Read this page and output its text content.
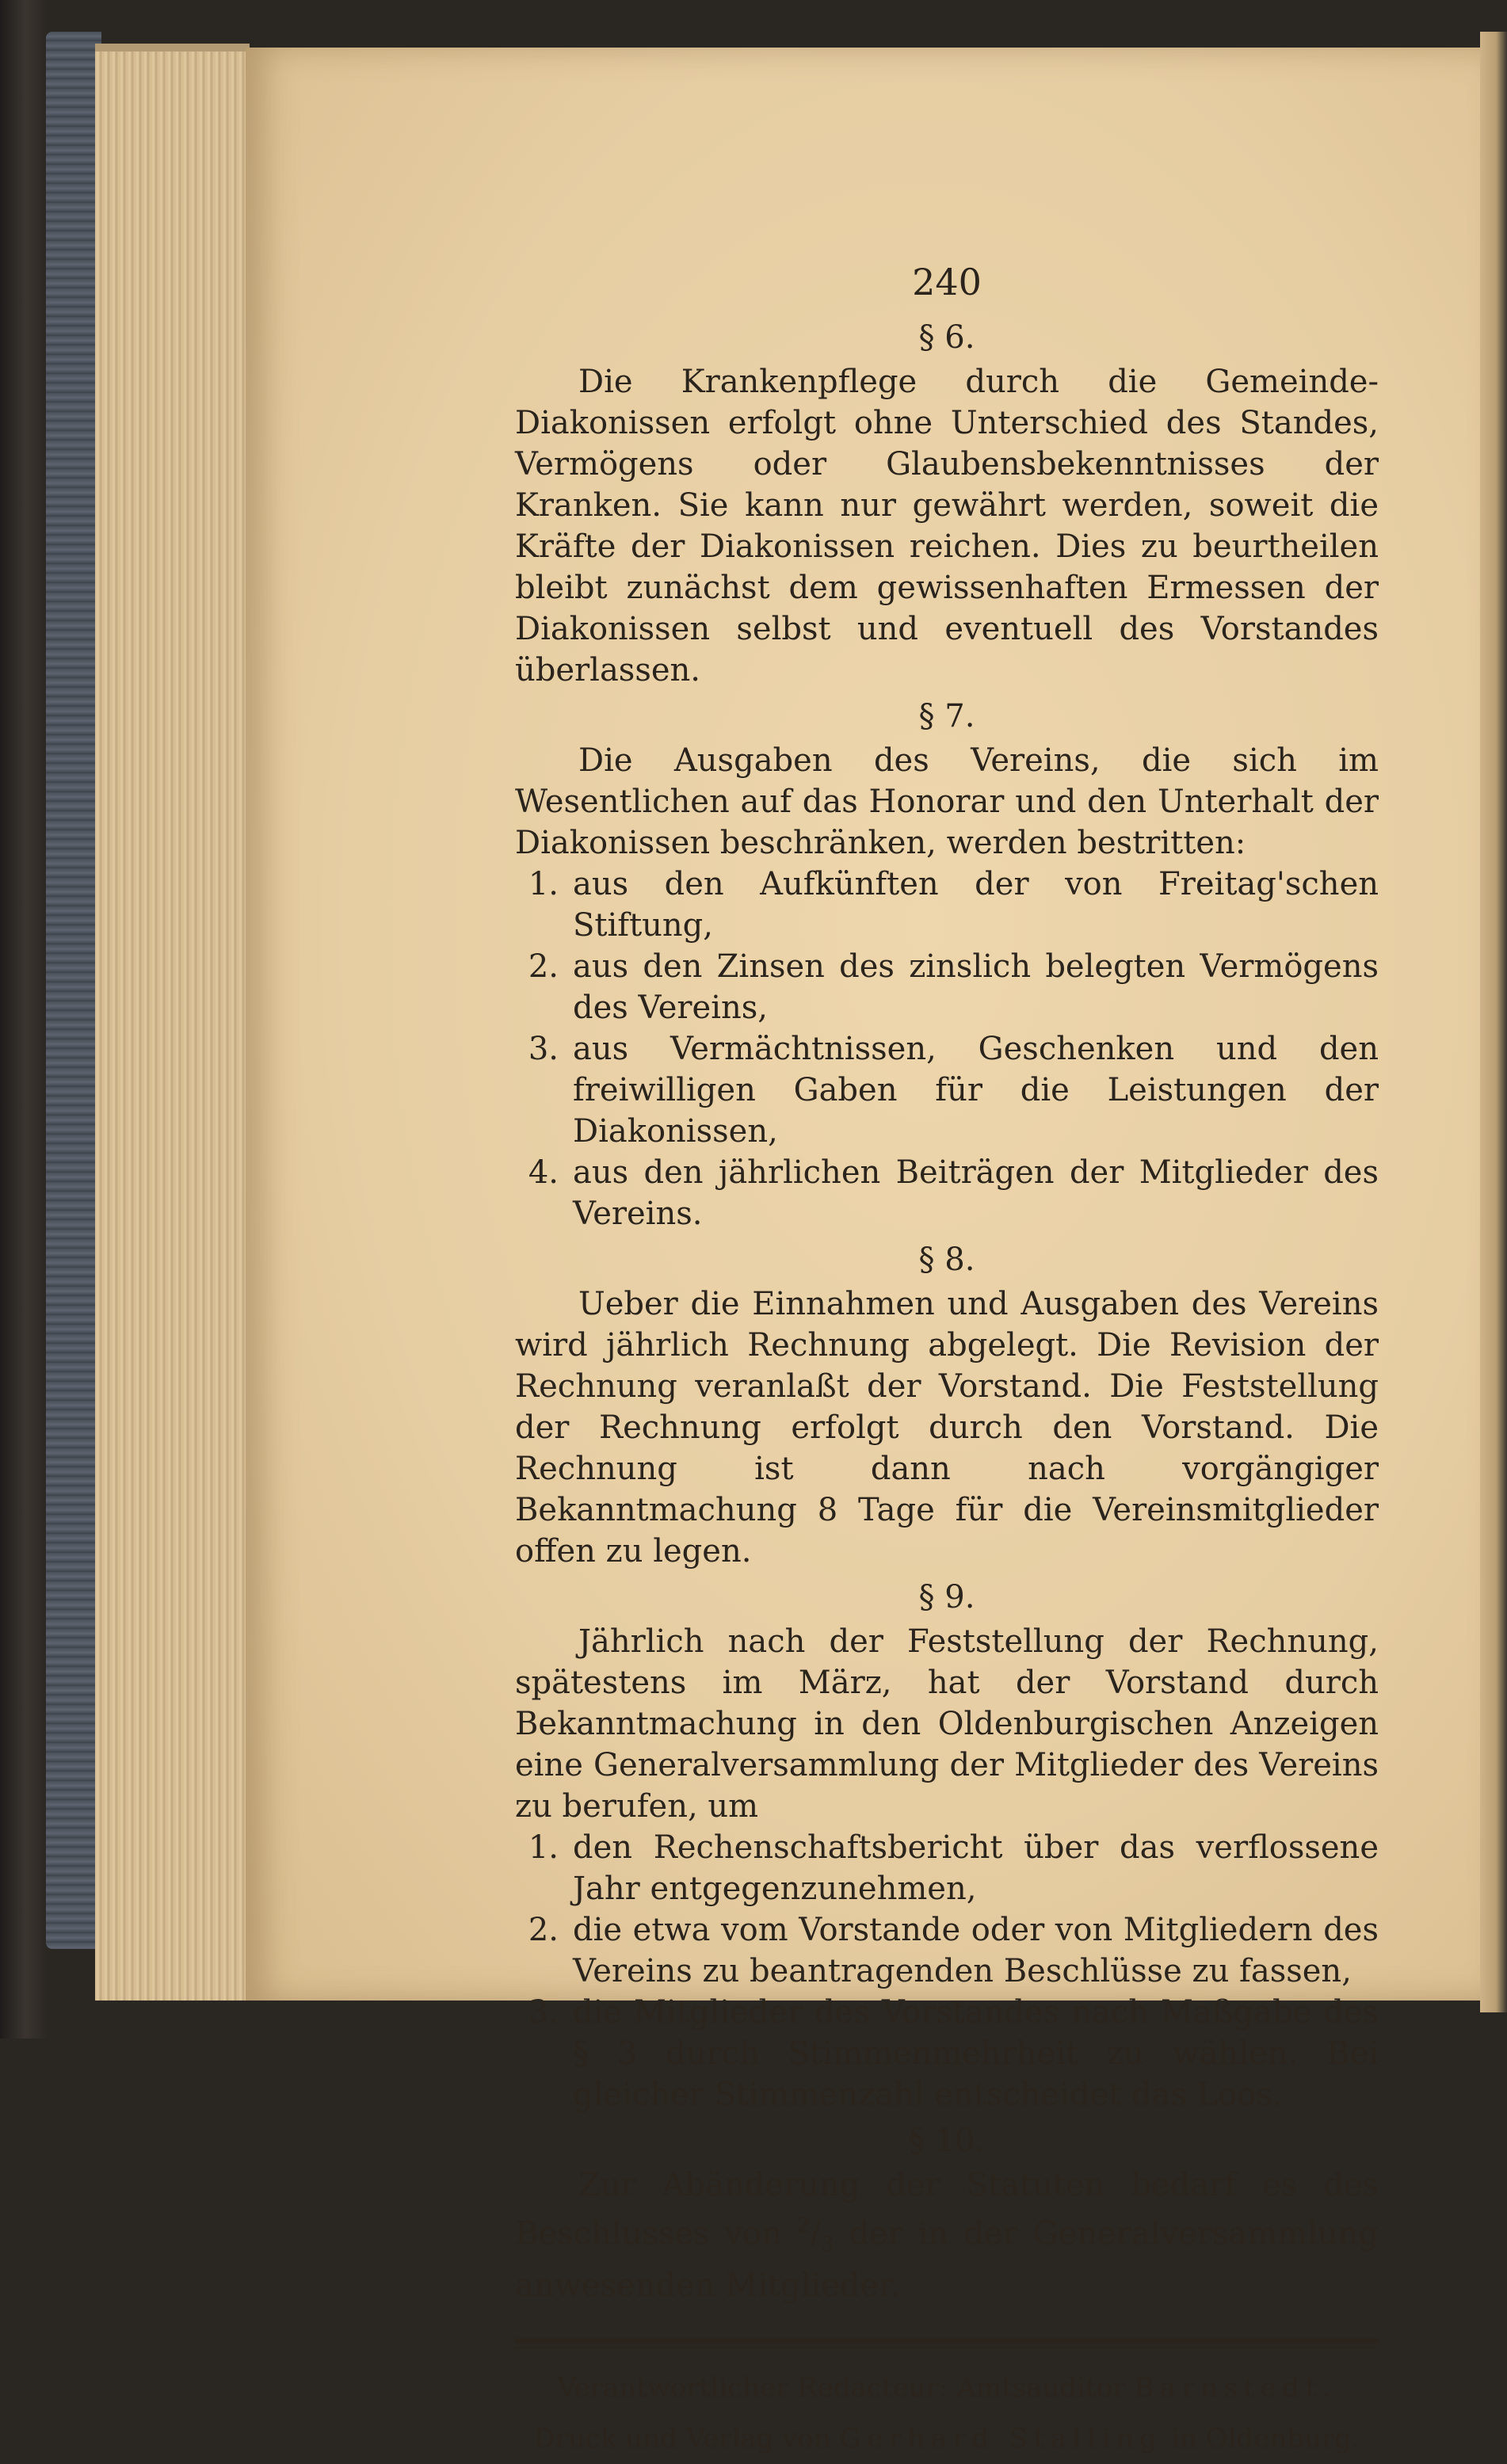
240
§ 6.

Die Krankenpflege durch die Gemeinde-Diakonissen erfolgt ohne Unterschied des Standes, Vermögens oder Glaubensbekenntnisses der Kranken. Sie kann nur gewährt werden, soweit die Kräfte der Diakonissen reichen. Dies zu beurtheilen bleibt zunächst dem gewissenhaften Ermessen der Diakonissen selbst und eventuell des Vorstandes überlassen.

§ 7.

Die Ausgaben des Vereins, die sich im Wesentlichen auf das Honorar und den Unterhalt der Diakonissen beschränken, werden bestritten:

1. aus den Aufkünften der von Freitag'schen Stiftung,
2. aus den Zinsen des zinslich belegten Vermögens des Vereins,
3. aus Vermächtnissen, Geschenken und den freiwilligen Gaben für die Leistungen der Diakonissen,
4. aus den jährlichen Beiträgen der Mitglieder des Vereins.
§ 8.

Ueber die Einnahmen und Ausgaben des Vereins wird jährlich Rechnung abgelegt. Die Revision der Rechnung veranlaßt der Vorstand. Die Feststellung der Rechnung erfolgt durch den Vorstand. Die Rechnung ist dann nach vorgängiger Bekanntmachung 8 Tage für die Vereinsmitglieder offen zu legen.

§ 9.

Jährlich nach der Feststellung der Rechnung, spätestens im März, hat der Vorstand durch Bekanntmachung in den Oldenburgischen Anzeigen eine Generalversammlung der Mitglieder des Vereins zu berufen, um

1. den Rechenschaftsbericht über das verflossene Jahr entgegenzunehmen,
2. die etwa vom Vorstande oder von Mitgliedern des Vereins zu beantragenden Beschlüsse zu fassen,
3. die Mitglieder des Vorstandes nach Maßgabe des § 3 durch Stimmenmehrheit zu wählen. Bei gleicher Stimmenzahl entscheidet das Loos.
§ 10.

Zur Abänderung der Statuten bedarf es des Beschlusses von $^2/_3$ der in der Generalversammlung anwesenden Mitglieder.

Verantwortlicher Redacteur: Amtsauditor Barnstedt.
Druck und Verlag von Gerhard Stalling in Oldenburg.
